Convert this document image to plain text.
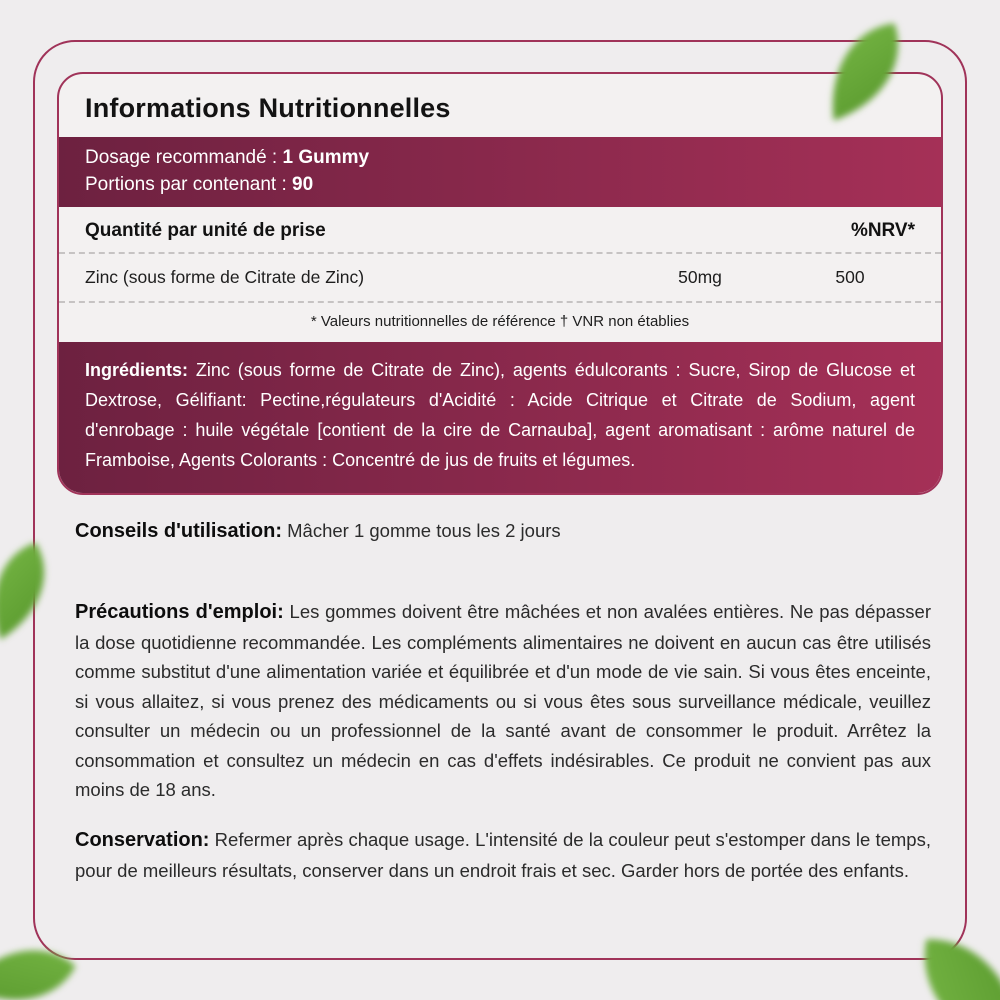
Informations Nutritionnelles
Dosage recommandé : 1 Gummy
Portions par contenant : 90
Quantité par unité de prise	%NRV*
Zinc (sous forme de Citrate de Zinc)	50mg	500
* Valeurs nutritionnelles de référence † VNR non établies
Ingrédients: Zinc (sous forme de Citrate de Zinc), agents édulcorants : Sucre, Sirop de Glucose et Dextrose, Gélifiant: Pectine,régulateurs d'Acidité : Acide Citrique et Citrate de Sodium, agent d'enrobage : huile végétale [contient de la cire de Carnauba], agent aromatisant : arôme naturel de Framboise, Agents Colorants : Concentré de jus de fruits et légumes.
Conseils d'utilisation: Mâcher 1 gomme tous les 2 jours
Précautions d'emploi: Les gommes doivent être mâchées et non avalées entières. Ne pas dépasser la dose quotidienne recommandée. Les compléments alimentaires ne doivent en aucun cas être utilisés comme substitut d'une alimentation variée et équilibrée et d'un mode de vie sain. Si vous êtes enceinte, si vous allaitez, si vous prenez des médicaments ou si vous êtes sous surveillance médicale, veuillez consulter un médecin ou un professionnel de la santé avant de consommer le produit. Arrêtez la consommation et consultez un médecin en cas d'effets indésirables. Ce produit ne convient pas aux moins de 18 ans.
Conservation: Refermer après chaque usage. L'intensité de la couleur peut s'estomper dans le temps, pour de meilleurs résultats, conserver dans un endroit frais et sec. Garder hors de portée des enfants.
